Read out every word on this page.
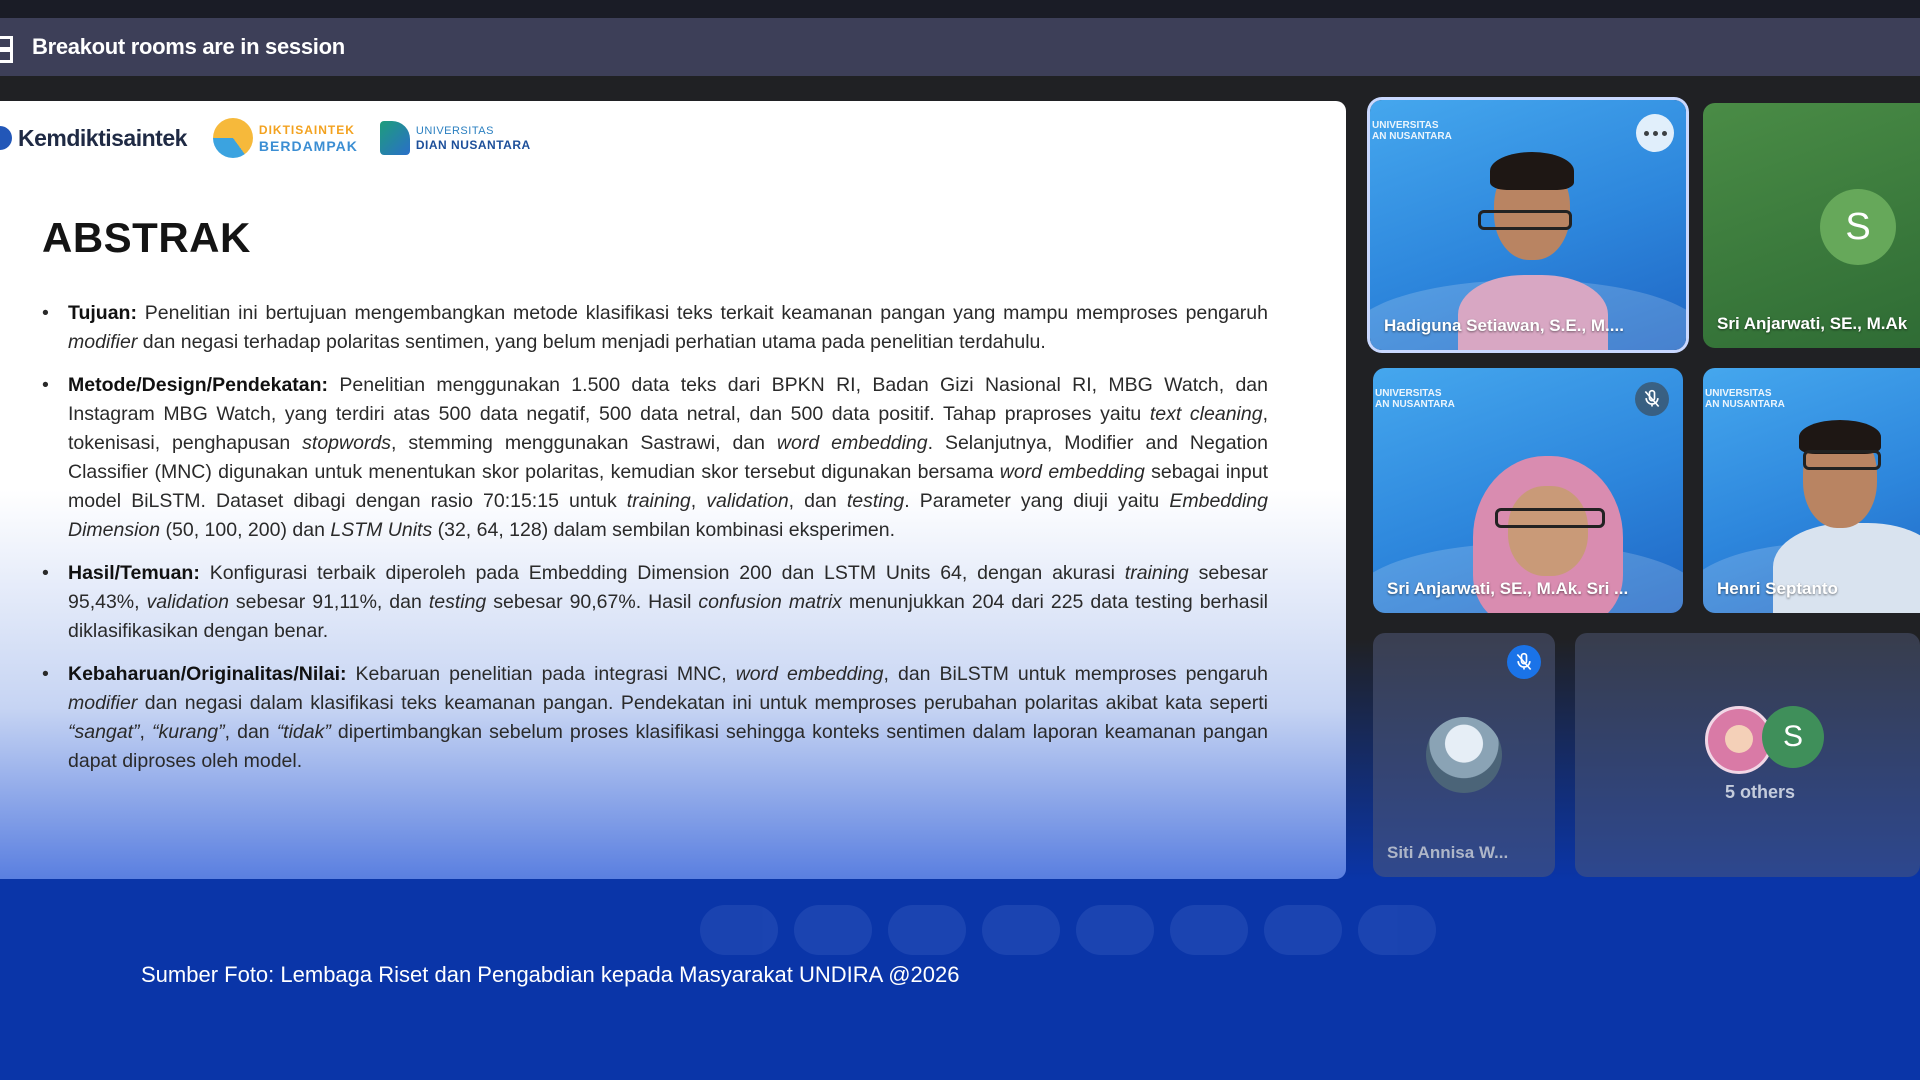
Breakout rooms are in session
Kemdiktisaintek	DIKTISAINTEK
BERDAMPAK
UNIVERSITAS
DIAN NUSANTARA
ABSTRAK
• Tujuan: Penelitian ini bertujuan mengembangkan metode klasifikasi teks terkait keamanan pangan yang mampu memproses pengaruh modifier dan negasi terhadap polaritas sentimen, yang belum menjadi perhatian utama pada penelitian terdahulu.
• Metode/Design/Pendekatan: Penelitian menggunakan 1.500 data teks dari BPKN RI, Badan Gizi Nasional RI, MBG Watch, dan Instagram MBG Watch, yang terdiri atas 500 data negatif, 500 data netral, dan 500 data positif. Tahap praproses yaitu text cleaning, tokenisasi, penghapusan stopwords, stemming menggunakan Sastrawi, dan word embedding. Selanjutnya, Modifier and Negation Classifier (MNC) digunakan untuk menentukan skor polaritas, kemudian skor tersebut digunakan bersama word embedding sebagai input model BiLSTM. Dataset dibagi dengan rasio 70:15:15 untuk training, validation, dan testing. Parameter yang diuji yaitu Embedding Dimension (50, 100, 200) dan LSTM Units (32, 64, 128) dalam sembilan kombinasi eksperimen.
• Hasil/Temuan: Konfigurasi terbaik diperoleh pada Embedding Dimension 200 dan LSTM Units 64, dengan akurasi training sebesar 95,43%, validation sebesar 91,11%, dan testing sebesar 90,67%. Hasil confusion matrix menunjukkan 204 dari 225 data testing berhasil diklasifikasikan dengan benar.
• Kebaharuan/Originalitas/Nilai: Kebaruan penelitian pada integrasi MNC, word embedding, dan BiLSTM untuk memproses pengaruh modifier dan negasi dalam klasifikasi teks keamanan pangan. Pendekatan ini untuk memproses perubahan polaritas akibat kata seperti “sangat”, “kurang”, dan “tidak” dipertimbangkan sebelum proses klasifikasi sehingga konteks sentimen dalam laporan keamanan pangan dapat diproses oleh model.
UNIVERSITAS
AN NUSANTARA
Hadiguna Setiawan, S.E., M....
S
Sri Anjarwati, SE., M.Ak
UNIVERSITAS
AN NUSANTARA
Sri Anjarwati, SE., M.Ak. Sri ...
UNIVERSITAS
AN NUSANTARA
Henri Septanto
Siti Annisa W...
S
5 others
Sumber Foto: Lembaga Riset dan Pengabdian kepada Masyarakat UNDIRA @2026
